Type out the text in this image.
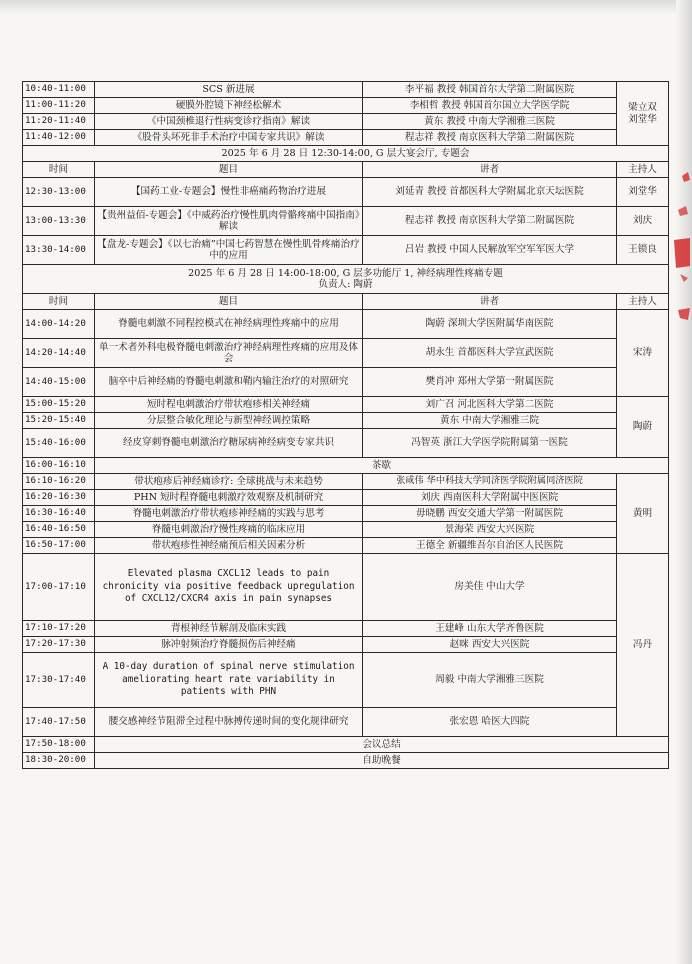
10:40-11:00	SCS 新进展	李平福 教授 韩国首尔大学第二附属医院	梁立双
刘堂华
11:00-11:20	硬膜外腔镜下神经松解术	李相哲 教授 韩国首尔国立大学医学院	
11:20-11:40	《中国颈椎退行性病变诊疗指南》解读	黄东 教授 中南大学湘雅三医院	
11:40-12:00	《股骨头坏死非手术治疗中国专家共识》解读	程志祥 教授 南京医科大学第二附属医院	
2025 年 6 月 28 日 12:30-14:00, G 层大宴会厅, 专题会			
时间	题目	讲者	主持人
12:30-13:00	【国药工业-专题会】慢性非癌痛药物治疗进展	刘延青 教授 首都医科大学附属北京天坛医院	刘堂华
13:00-13:30	【贵州益佰-专题会】《中威药治疗慢性肌肉骨骼疼痛中国指南》解读	程志祥 教授 南京医科大学第二附属医院	刘庆
13:30-14:00	【盘龙-专题会】《以七治痛”中国七药智慧在慢性肌骨疼痛治疗中的应用	吕岩 教授 中国人民解放军空军军医大学	王锁良

2025 年 6 月 28 日 14:00-18:00, G 层多功能厅 1, 神经病理性疼痛专题
负责人: 陶蔚			

时间	题目	讲者	主持人
14:00-14:20	脊髓电刺激不同程控模式在神经病理性疼痛中的应用	陶蔚 深圳大学医附属华南医院	宋涛
14:20-14:40	单一术者外科电极脊髓电刺激治疗神经病理性疼痛的应用及体会	胡永生 首都医科大学宣武医院	
14:40-15:00	脑卒中后神经痛的脊髓电刺激和鞘内输注治疗的对照研究	樊肖冲 郑州大学第一附属医院	
15:00-15:20	短时程电刺激治疗带状疱疹相关神经痛	刘广召 河北医科大学第二医院	陶蔚
15:20-15:40	分层整合敏化理论与新型神经调控策略	黄东 中南大学湘雅三院	
15:40-16:00	经皮穿刺脊髓电刺激治疗糖尿病神经病变专家共识	冯智英 浙江大学医学院附属第一医院	
16:00-16:10	茶歇		
16:10-16:20	带状疱疹后神经痛诊疗: 全球挑战与未来趋势	张咸伟 华中科技大学同济医学院附属同济医院	黄明
16:20-16:30	PHN 短时程脊髓电刺激疗效观察及机制研究	刘庆 西南医科大学附属中医医院	
16:30-16:40	脊髓电刺激治疗带状疱疹神经痛的实践与思考	毋晓鹏 西安交通大学第一附属医院	
16:40-16:50	脊髓电刺激治疗慢性疼痛的临床应用	景海荣 西安大兴医院	
16:50-17:00	带状疱疹性神经痛预后相关因素分析	王德全 新疆维吾尔自治区人民医院	
17:00-17:10	Elevated plasma CXCL12 leads to pain chronicity via positive feedback upregulation of CXCL12/CXCR4 axis in pain synapses	房美佳 中山大学	冯丹
17:10-17:20	背根神经节解剖及临床实践	王建峰 山东大学齐鲁医院	
17:20-17:30	脉冲射频治疗脊髓损伤后神经痛	赵咪 西安大兴医院	
17:30-17:40	A 10-day duration of spinal nerve stimulation ameliorating heart rate variability in patients with PHN	周毅 中南大学湘雅三医院	
17:40-17:50	腰交感神经节阻滞全过程中脉搏传递时间的变化规律研究	张宏恩 哈医大四院	
17:50-18:00	会议总结		
18:30-20:00	自助晚餐		
